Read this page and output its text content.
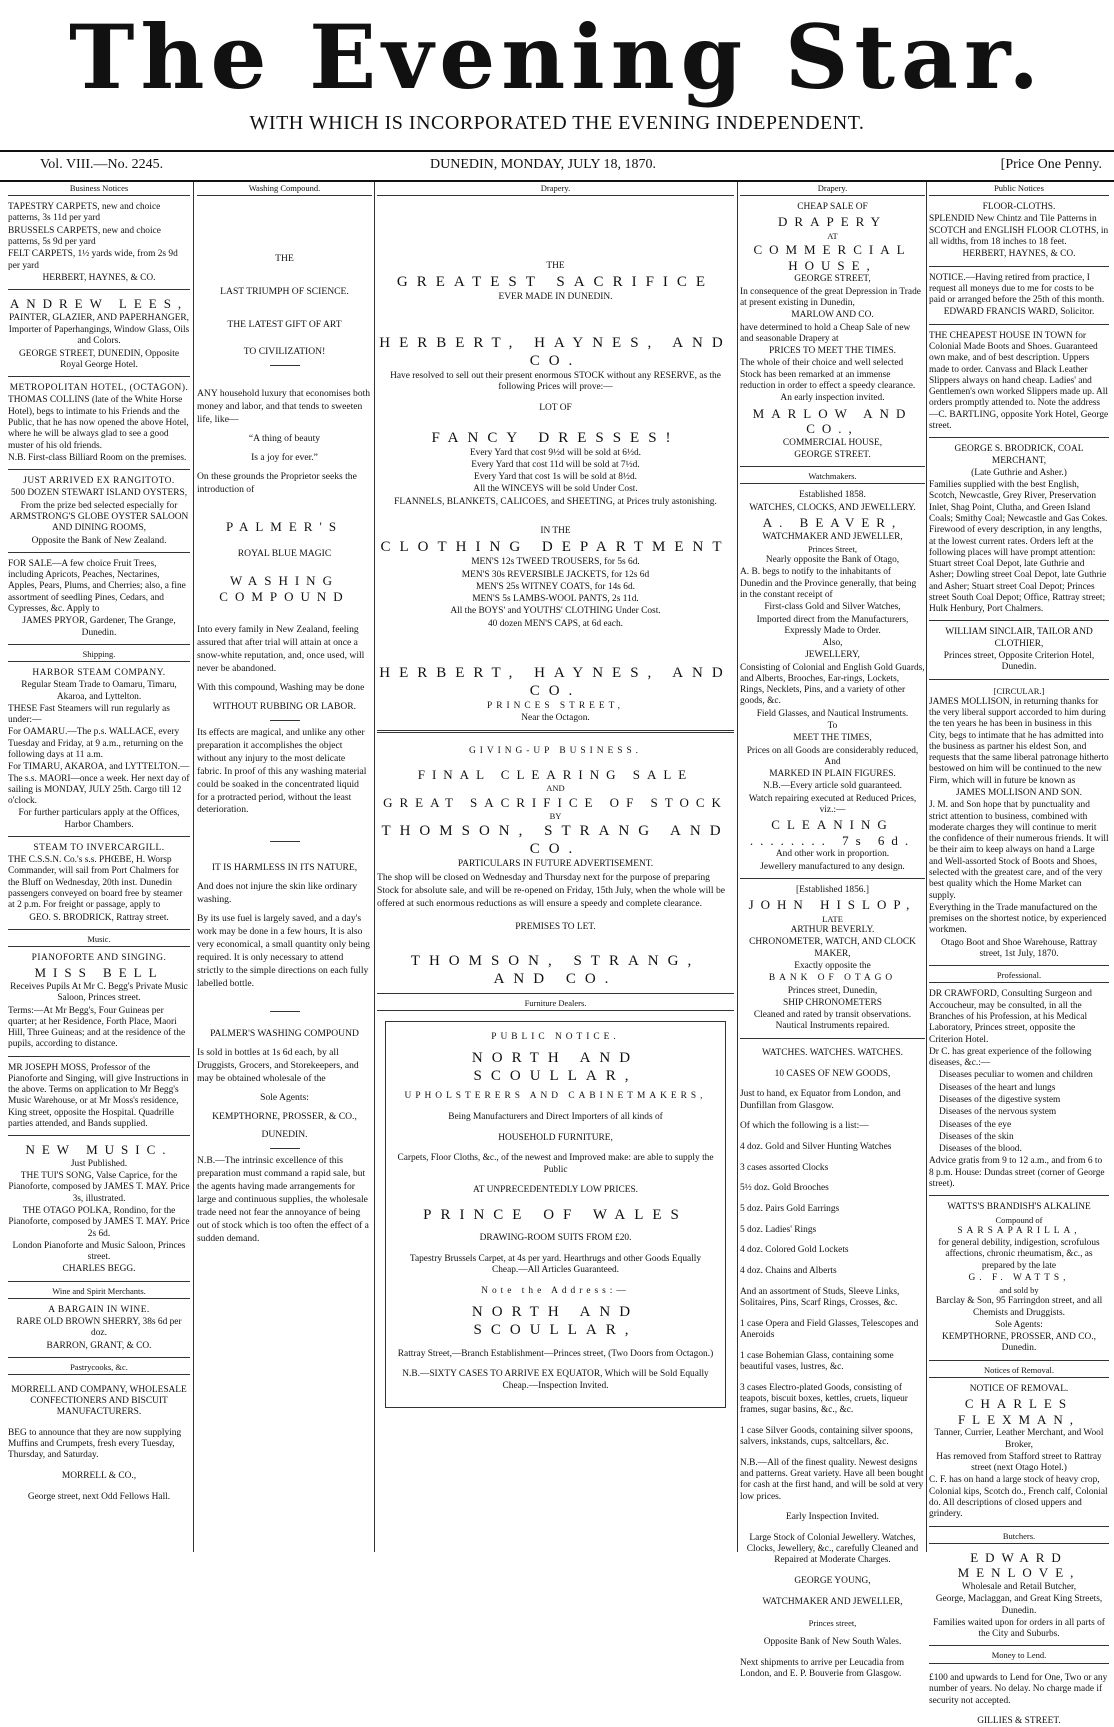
The Evening Star.
WITH WHICH IS INCORPORATED THE EVENING INDEPENDENT.
Vol. VIII.—No. 2245.	DUNEDIN, MONDAY, JULY 18, 1870.	[Price One Penny.
Business Notices

TAPESTRY CARPETS, new and choice patterns, 3s 11d per yard

BRUSSELS CARPETS, new and choice patterns, 5s 9d per yard

FELT CARPETS, 1½ yards wide, from 2s 9d per yard

HERBERT, HAYNES, & CO.

ANDREW LEES,

PAINTER, GLAZIER, AND PAPERHANGER,

Importer of Paperhangings, Window Glass, Oils and Colors.

GEORGE STREET, DUNEDIN, Opposite Royal George Hotel.

METROPOLITAN HOTEL, (OCTAGON).

THOMAS COLLINS (late of the White Horse Hotel), begs to intimate to his Friends and the Public, that he has now opened the above Hotel, where he will be always glad to see a good muster of his old friends.

N.B. First-class Billiard Room on the premises.

JUST ARRIVED EX RANGITOTO.

500 DOZEN STEWART ISLAND OYSTERS,

From the prize bed selected especially for ARMSTRONG'S GLOBE OYSTER SALOON AND DINING ROOMS,

Opposite the Bank of New Zealand.

FOR SALE—A few choice Fruit Trees, including Apricots, Peaches, Nectarines, Apples, Pears, Plums, and Cherries; also, a fine assortment of seedling Pines, Cedars, and Cypresses, &c. Apply to

JAMES PRYOR, Gardener, The Grange, Dunedin.

Shipping.

HARBOR STEAM COMPANY.

Regular Steam Trade to Oamaru, Timaru, Akaroa, and Lyttelton.

THESE Fast Steamers will run regularly as under:—

For OAMARU.—The p.s. WALLACE, every Tuesday and Friday, at 9 a.m., returning on the following days at 11 a.m.

For TIMARU, AKAROA, and LYTTELTON.—The s.s. MAORI—once a week. Her next day of sailing is MONDAY, JULY 25th. Cargo till 12 o'clock.

For further particulars apply at the Offices, Harbor Chambers.

STEAM TO INVERCARGILL.

THE C.S.S.N. Co.'s s.s. PHŒBE, H. Worsp Commander, will sail from Port Chalmers for the Bluff on Wednesday, 20th inst. Dunedin passengers conveyed on board free by steamer at 2 p.m. For freight or passage, apply to

GEO. S. BRODRICK, Rattray street.

Music.

PIANOFORTE AND SINGING.

MISS BELL

Receives Pupils At Mr C. Begg's Private Music Saloon, Princes street.

Terms:—At Mr Begg's, Four Guineas per quarter; at her Residence, Forth Place, Maori Hill, Three Guineas; and at the residence of the pupils, according to distance.

MR JOSEPH MOSS, Professor of the Pianoforte and Singing, will give Instructions in the above. Terms on application to Mr Begg's Music Warehouse, or at Mr Moss's residence, King street, opposite the Hospital. Quadrille parties attended, and Bands supplied.

NEW MUSIC.

Just Published.

THE TUI'S SONG, Valse Caprice, for the Pianoforte, composed by JAMES T. MAY. Price 3s, illustrated.

THE OTAGO POLKA, Rondino, for the Pianoforte, composed by JAMES T. MAY. Price 2s 6d.

London Pianoforte and Music Saloon, Princes street.

CHARLES BEGG.

Wine and Spirit Merchants.

A BARGAIN IN WINE.

RARE OLD BROWN SHERRY, 38s 6d per doz.

BARRON, GRANT, & CO.

Pastrycooks, &c.

MORRELL AND COMPANY, WHOLESALE CONFECTIONERS AND BISCUIT MANUFACTURERS.

BEG to announce that they are now supplying Muffins and Crumpets, fresh every Tuesday, Thursday, and Saturday.

MORRELL & CO.,

George street, next Odd Fellows Hall.

Washing Compound.

THE

LAST TRIUMPH OF SCIENCE.

THE LATEST GIFT OF ART

TO CIVILIZATION!

ANY household luxury that economises both money and labor, and that tends to sweeten life, like—

“A thing of beauty

Is a joy for ever.”

On these grounds the Proprietor seeks the introduction of

PALMER'S

ROYAL BLUE MAGIC

WASHING COMPOUND

Into every family in New Zealand, feeling assured that after trial will attain at once a snow-white reputation, and, once used, will never be abandoned.

With this compound, Washing may be done

WITHOUT RUBBING OR LABOR.

Its effects are magical, and unlike any other preparation it accomplishes the object without any injury to the most delicate fabric. In proof of this any washing material could be soaked in the concentrated liquid for a protracted period, without the least deterioration.

IT IS HARMLESS IN ITS NATURE,

And does not injure the skin like ordinary washing.

By its use fuel is largely saved, and a day's work may be done in a few hours, It is also very economical, a small quantity only being required. It is only necessary to attend strictly to the simple directions on each fully labelled bottle.

PALMER'S WASHING COMPOUND

Is sold in bottles at 1s 6d each, by all Druggists, Grocers, and Storekeepers, and may be obtained wholesale of the

Sole Agents:

KEMPTHORNE, PROSSER, & CO.,

DUNEDIN.

N.B.—The intrinsic excellence of this preparation must command a rapid sale, but the agents having made arrangements for large and continuous supplies, the wholesale trade need not fear the annoyance of being out of stock which is too often the effect of a sudden demand.

Drapery.

THE

GREATEST SACRIFICE

EVER MADE IN DUNEDIN.

HERBERT, HAYNES, AND CO.

Have resolved to sell out their present enormous STOCK without any RESERVE, as the following Prices will prove:—

LOT OF

FANCY DRESSES!

Every Yard that cost 9½d will be sold at 6½d.

Every Yard that cost 11d will be sold at 7½d.

Every Yard that cost 1s will be sold at 8½d.

All the WINCEYS will be sold Under Cost.

FLANNELS, BLANKETS, CALICOES, and SHEETING, at Prices truly astonishing.

IN THE

CLOTHING DEPARTMENT

MEN'S 12s TWEED TROUSERS, for 5s 6d.

MEN'S 30s REVERSIBLE JACKETS, for 12s 6d

MEN'S 25s WITNEY COATS, for 14s 6d.

MEN'S 5s LAMBS-WOOL PANTS, 2s 11d.

All the BOYS' and YOUTHS' CLOTHING Under Cost.

40 dozen MEN'S CAPS, at 6d each.

HERBERT, HAYNES, AND CO.

PRINCES STREET,

Near the Octagon.

GIVING-UP BUSINESS.

FINAL CLEARING SALE

AND

GREAT SACRIFICE OF STOCK

BY

THOMSON, STRANG AND CO.

PARTICULARS IN FUTURE ADVERTISEMENT.

The shop will be closed on Wednesday and Thursday next for the purpose of preparing Stock for absolute sale, and will be re-opened on Friday, 15th July, when the whole will be offered at such enormous reductions as will ensure a speedy and complete clearance.

PREMISES TO LET.

THOMSON, STRANG, AND CO.

Furniture Dealers.

PUBLIC NOTICE.

NORTH AND SCOULLAR,

UPHOLSTERERS AND CABINETMAKERS,

Being Manufacturers and Direct Importers of all kinds of

HOUSEHOLD FURNITURE,

Carpets, Floor Cloths, &c., of the newest and Improved make: are able to supply the Public

AT UNPRECEDENTEDLY LOW PRICES.

PRINCE OF WALES

DRAWING-ROOM SUITS FROM £20.

Tapestry Brussels Carpet, at 4s per yard. Hearthrugs and other Goods Equally Cheap.—All Articles Guaranteed.

Note the Address:—

NORTH AND SCOULLAR,

Rattray Street,—Branch Establishment—Princes street, (Two Doors from Octagon.)

N.B.—SIXTY CASES TO ARRIVE EX EQUATOR, Which will be Sold Equally Cheap.—Inspection Invited.

Drapery.

CHEAP SALE OF

DRAPERY

AT

COMMERCIAL HOUSE,

GEORGE STREET,

In consequence of the great Depression in Trade at present existing in Dunedin,

MARLOW AND CO.

have determined to hold a Cheap Sale of new and seasonable Drapery at

PRICES TO MEET THE TIMES.

The whole of their choice and well selected Stock has been remarked at an immense reduction in order to effect a speedy clearance.

An early inspection invited.

MARLOW AND CO.,

COMMERCIAL HOUSE,

GEORGE STREET.

Watchmakers.

Established 1858.

WATCHES, CLOCKS, AND JEWELLERY.

A. BEAVER,

WATCHMAKER AND JEWELLER,

Princes Street,

Nearly opposite the Bank of Otago,

A. B. begs to notify to the inhabitants of Dunedin and the Province generally, that being in the constant receipt of

First-class Gold and Silver Watches,

Imported direct from the Manufacturers, Expressly Made to Order.

Also,

JEWELLERY,

Consisting of Colonial and English Gold Guards, and Alberts, Brooches, Ear-rings, Lockets, Rings, Necklets, Pins, and a variety of other goods, &c.

Field Glasses, and Nautical Instruments.

To

MEET THE TIMES,

Prices on all Goods are considerably reduced, And

MARKED IN PLAIN FIGURES.

N.B.—Every article sold guaranteed.

Watch repairing executed at Reduced Prices, viz.:—

CLEANING ........ 7s 6d.

And other work in proportion.

Jewellery manufactured to any design.

[Established 1856.]

JOHN HISLOP,

LATE

ARTHUR BEVERLY.

CHRONOMETER, WATCH, AND CLOCK MAKER,

Exactly opposite the

BANK OF OTAGO

Princes street, Dunedin,

SHIP CHRONOMETERS

Cleaned and rated by transit observations. Nautical Instruments repaired.

WATCHES. WATCHES. WATCHES.

10 CASES OF NEW GOODS,

Just to hand, ex Equator from London, and Dunfillan from Glasgow.

Of which the following is a list:—

4 doz. Gold and Silver Hunting Watches

3 cases assorted Clocks

5½ doz. Gold Brooches

5 doz. Pairs Gold Earrings

5 doz. Ladies' Rings

4 doz. Colored Gold Lockets

4 doz. Chains and Alberts

And an assortment of Studs, Sleeve Links, Solitaires, Pins, Scarf Rings, Crosses, &c.

1 case Opera and Field Glasses, Telescopes and Aneroids

1 case Bohemian Glass, containing some beautiful vases, lustres, &c.

3 cases Electro-plated Goods, consisting of teapots, biscuit boxes, kettles, cruets, liqueur frames, sugar basins, &c., &c.

1 case Silver Goods, containing silver spoons, salvers, inkstands, cups, saltcellars, &c.

N.B.—All of the finest quality. Newest designs and patterns. Great variety. Have all been bought for cash at the first hand, and will be sold at very low prices.

Early Inspection Invited.

Large Stock of Colonial Jewellery. Watches, Clocks, Jewellery, &c., carefully Cleaned and Repaired at Moderate Charges.

GEORGE YOUNG,

WATCHMAKER AND JEWELLER,

Princes street,

Opposite Bank of New South Wales.

Next shipments to arrive per Leucadia from London, and E. P. Bouverie from Glasgow.

Public Notices

FLOOR-CLOTHS.

SPLENDID New Chintz and Tile Patterns in SCOTCH and ENGLISH FLOOR CLOTHS, in all widths, from 18 inches to 18 feet.

HERBERT, HAYNES, & CO.

NOTICE.—Having retired from practice, I request all moneys due to me for costs to be paid or arranged before the 25th of this month.

EDWARD FRANCIS WARD, Solicitor.

THE CHEAPEST HOUSE IN TOWN for Colonial Made Boots and Shoes. Guaranteed own make, and of best description. Uppers made to order. Canvass and Black Leather Slippers always on hand cheap. Ladies' and Gentlemen's own worked Slippers made up. All orders promptly attended to. Note the address—C. BARTLING, opposite York Hotel, George street.

GEORGE S. BRODRICK, COAL MERCHANT,

(Late Guthrie and Asher.)

Families supplied with the best English, Scotch, Newcastle, Grey River, Preservation Inlet, Shag Point, Clutha, and Green Island Coals; Smithy Coal; Newcastle and Gas Cokes. Firewood of every description, in any lengths, at the lowest current rates. Orders left at the following places will have prompt attention: Stuart street Coal Depot, late Guthrie and Asher; Dowling street Coal Depot, late Guthrie and Asher; Stuart street Coal Depot; Princes street South Coal Depot; Office, Rattray street; Hulk Henbury, Port Chalmers.

WILLIAM SINCLAIR, TAILOR AND CLOTHIER,

Princes street, Opposite Criterion Hotel, Dunedin.

[CIRCULAR.]

JAMES MOLLISON, in returning thanks for the very liberal support accorded to him during the ten years he has been in business in this City, begs to intimate that he has admitted into the business as partner his eldest Son, and requests that the same liberal patronage hitherto bestowed on him will be continued to the new Firm, which will in future be known as

JAMES MOLLISON AND SON.

J. M. and Son hope that by punctuality and strict attention to business, combined with moderate charges they will continue to merit the confidence of their numerous friends. It will be their aim to keep always on hand a Large and Well-assorted Stock of Boots and Shoes, selected with the greatest care, and of the very best quality which the Home Market can supply.

Everything in the Trade manufactured on the premises on the shortest notice, by experienced workmen.

Otago Boot and Shoe Warehouse, Rattray street, 1st July, 1870.

Professional.

DR CRAWFORD, Consulting Surgeon and Accoucheur, may be consulted, in all the Branches of his Profession, at his Medical Laboratory, Princes street, opposite the Criterion Hotel.

Dr C. has great experience of the following diseases, &c.:—

Diseases peculiar to women and children

Diseases of the heart and lungs

Diseases of the digestive system

Diseases of the nervous system

Diseases of the eye

Diseases of the skin

Diseases of the blood.

Advice gratis from 9 to 12 a.m., and from 6 to 8 p.m. House: Dundas street (corner of George street).

WATTS'S BRANDISH'S ALKALINE

Compound of

SARSAPARILLA,

for general debility, indigestion, scrofulous affections, chronic rheumatism, &c., as prepared by the late

G. F. WATTS,

and sold by

Barclay & Son, 95 Farringdon street, and all Chemists and Druggists.

Sole Agents:

KEMPTHORNE, PROSSER, AND CO., Dunedin.

Notices of Removal.

NOTICE OF REMOVAL.

CHARLES FLEXMAN,

Tanner, Currier, Leather Merchant, and Wool Broker,

Has removed from Stafford street to Rattray street (next Otago Hotel.)

C. F. has on hand a large stock of heavy crop, Colonial kips, Scotch do., French calf, Colonial do. All descriptions of closed uppers and grindery.

Butchers.

EDWARD MENLOVE,

Wholesale and Retail Butcher,

George, Maclaggan, and Great King Streets, Dunedin.

Families waited upon for orders in all parts of the City and Suburbs.

Money to Lend.

£100 and upwards to Lend for One, Two or any number of years. No delay. No charge made if security not accepted.

GILLIES & STREET.
